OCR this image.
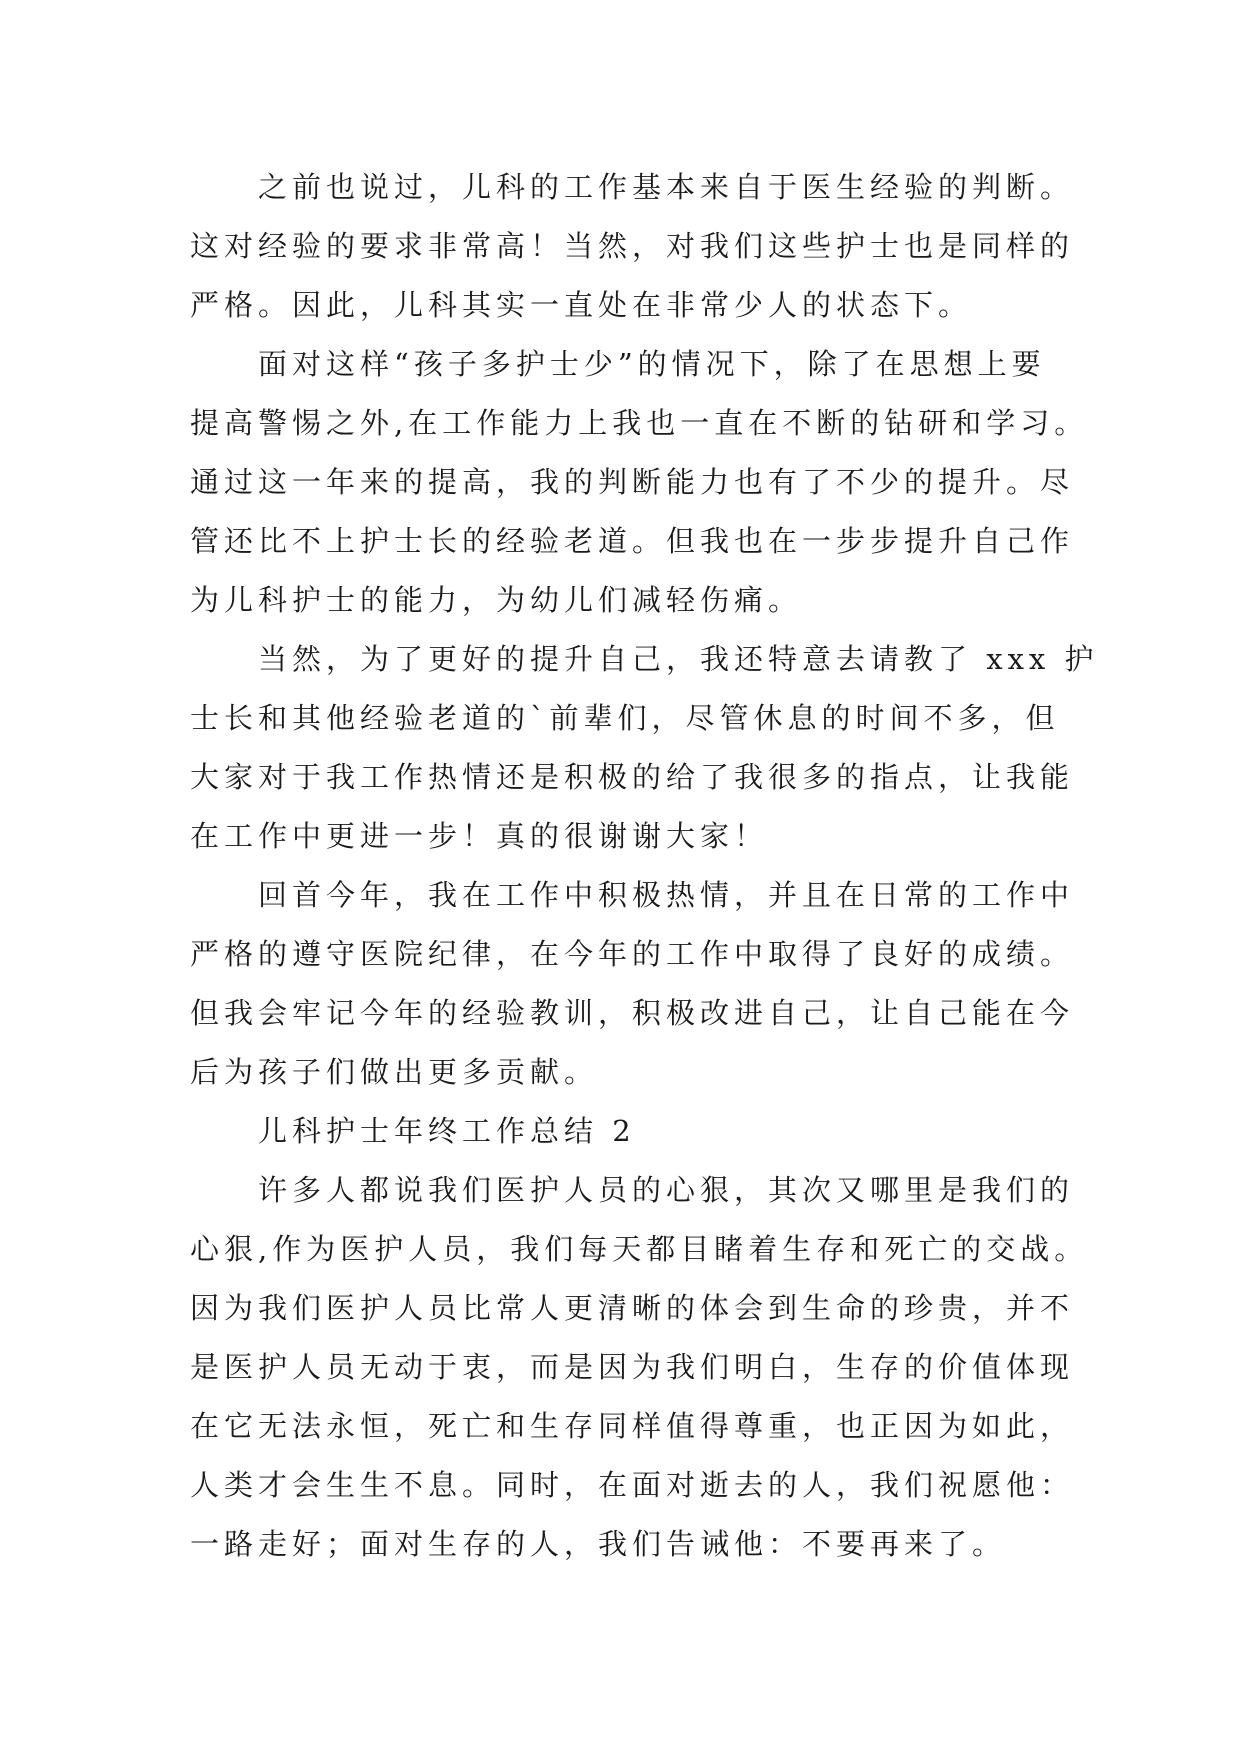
之前也说过，儿科的工作基本来自于医生经验的判断。
这对经验的要求非常高！当然，对我们这些护士也是同样的
严格。因此，儿科其实一直处在非常少人的状态下。
面对这样“孩子多护士少”的情况下，除了在思想上要
提高警惕之外,在工作能力上我也一直在不断的钻研和学习。
通过这一年来的提高，我的判断能力也有了不少的提升。尽
管还比不上护士长的经验老道。但我也在一步步提升自己作
为儿科护士的能力，为幼儿们减轻伤痛。
当然，为了更好的提升自己，我还特意去请教了 xxx 护
士长和其他经验老道的`前辈们，尽管休息的时间不多，但
大家对于我工作热情还是积极的给了我很多的指点，让我能
在工作中更进一步！真的很谢谢大家！
回首今年，我在工作中积极热情，并且在日常的工作中
严格的遵守医院纪律，在今年的工作中取得了良好的成绩。
但我会牢记今年的经验教训，积极改进自己，让自己能在今
后为孩子们做出更多贡献。
儿科护士年终工作总结 2
许多人都说我们医护人员的心狠，其次又哪里是我们的
心狠,作为医护人员，我们每天都目睹着生存和死亡的交战。
因为我们医护人员比常人更清晰的体会到生命的珍贵，并不
是医护人员无动于衷，而是因为我们明白，生存的价值体现
在它无法永恒，死亡和生存同样值得尊重，也正因为如此，
人类才会生生不息。同时，在面对逝去的人，我们祝愿他：
一路走好；面对生存的人，我们告诫他：不要再来了。
